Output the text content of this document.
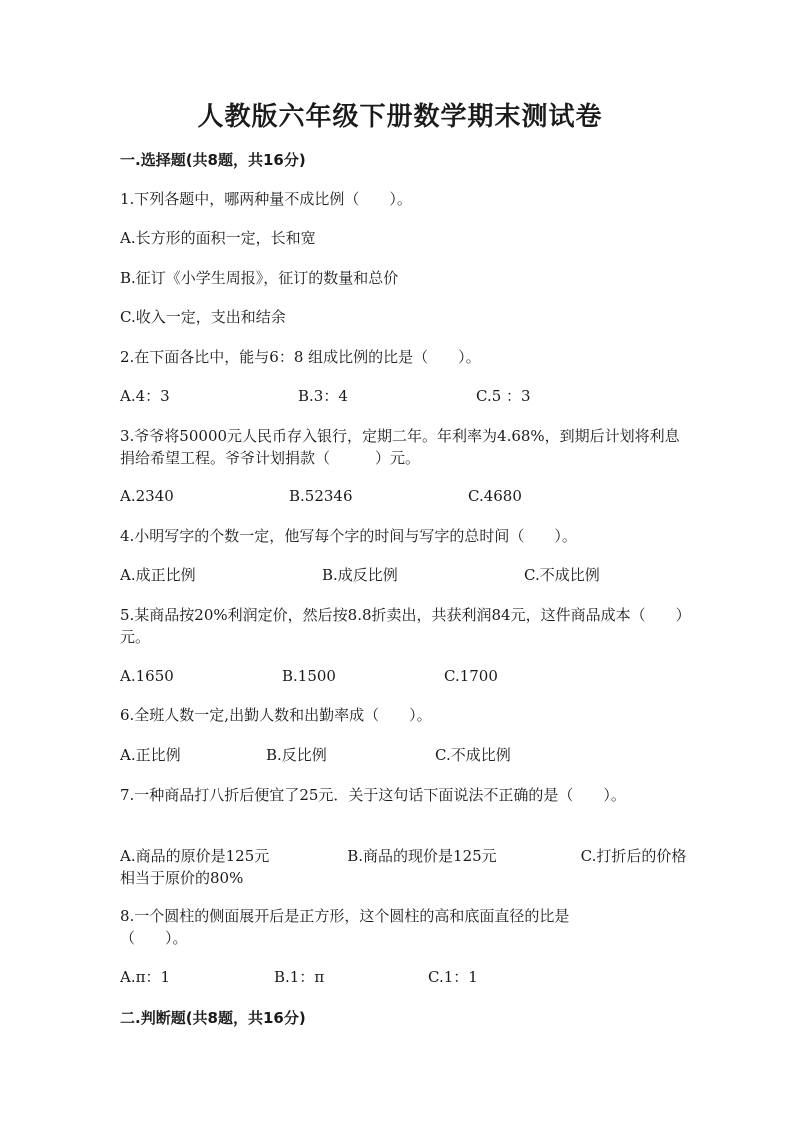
人教版六年级下册数学期末测试卷
一.选择题(共8题，共16分)
1.下列各题中，哪两种量不成比例（　　）。
A.长方形的面积一定，长和宽
B.征订《小学生周报》，征订的数量和总价
C.收入一定，支出和结余
2.在下面各比中，能与6：8 组成比例的比是（　　）。
A.4：3	B.3：4	C.5 ：3
3.爷爷将50000元人民币存入银行，定期二年。年利率为4.68%，到期后计划将利息捐给希望工程。爷爷计划捐款（　　　）元。
A.2340	B.52346	C.4680
4.小明写字的个数一定，他写每个字的时间与写字的总时间（　　）。
A.成正比例	B.成反比例	C.不成比例
5.某商品按20%利润定价，然后按8.8折卖出，共获利润84元，这件商品成本（　　）元。
A.1650	B.1500	C.1700
6.全班人数一定,出勤人数和出勤率成（　　）。
A.正比例	B.反比例	C.不成比例
7.一种商品打八折后便宜了25元．关于这句话下面说法不正确的是（　　）。
A.商品的原价是125元	B.商品的现价是125元	C.打折后的价格相当于原价的80%
8.一个圆柱的侧面展开后是正方形，这个圆柱的高和底面直径的比是（　　）。
A.π：1	B.1：π	C.1：1
二.判断题(共8题，共16分)
